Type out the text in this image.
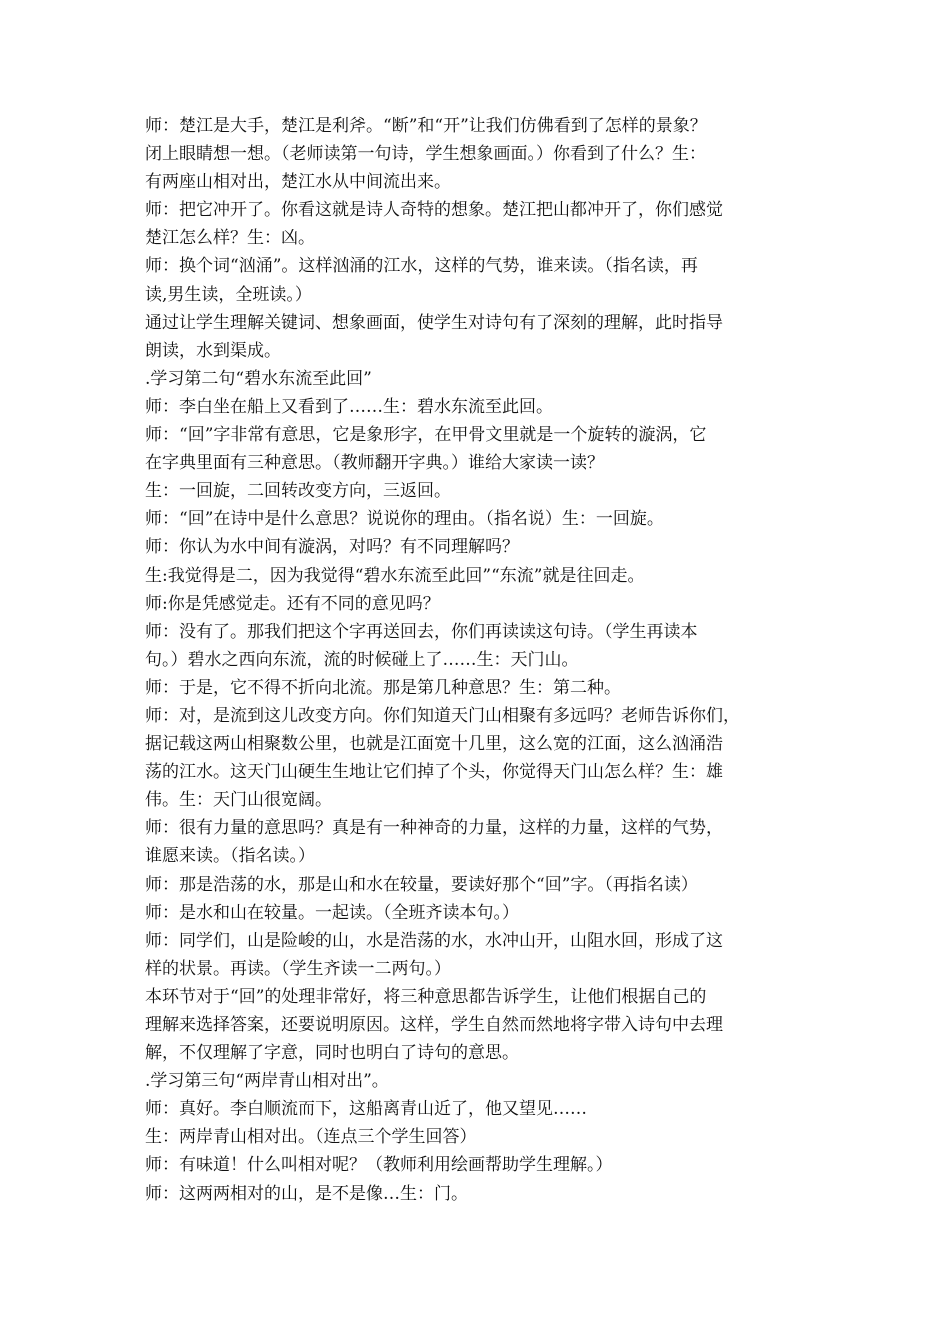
师：楚江是大手，楚江是利斧。“断”和“开”让我们仿佛看到了怎样的景象？
闭上眼睛想一想。（老师读第一句诗，学生想象画面。）你看到了什么？生：
有两座山相对出，楚江水从中间流出来。
师：把它冲开了。你看这就是诗人奇特的想象。楚江把山都冲开了，你们感觉
楚江怎么样？生：凶。
师：换个词“汹涌”。这样汹涌的江水，这样的气势，谁来读。（指名读，再
读,男生读，全班读。）
通过让学生理解关键词、想象画面，使学生对诗句有了深刻的理解，此时指导
朗读，水到渠成。
.学习第二句“碧水东流至此回”
师：李白坐在船上又看到了……生：碧水东流至此回。
师：“回”字非常有意思，它是象形字，在甲骨文里就是一个旋转的漩涡，它
在字典里面有三种意思。（教师翻开字典。）谁给大家读一读？
生：一回旋，二回转改变方向，三返回。
师：“回”在诗中是什么意思？说说你的理由。（指名说）生：一回旋。
师：你认为水中间有漩涡，对吗？有不同理解吗？
生:我觉得是二，因为我觉得“碧水东流至此回”“东流”就是往回走。
师:你是凭感觉走。还有不同的意见吗？
师：没有了。那我们把这个字再送回去，你们再读读这句诗。（学生再读本
句。）碧水之西向东流，流的时候碰上了……生：天门山。
师：于是，它不得不折向北流。那是第几种意思？生：第二种。
师：对，是流到这儿改变方向。你们知道天门山相聚有多远吗？老师告诉你们，
据记载这两山相聚数公里，也就是江面宽十几里，这么宽的江面，这么汹涌浩
荡的江水。这天门山硬生生地让它们掉了个头，你觉得天门山怎么样？生：雄
伟。生：天门山很宽阔。
师：很有力量的意思吗？真是有一种神奇的力量，这样的力量，这样的气势，
谁愿来读。（指名读。）
师：那是浩荡的水，那是山和水在较量，要读好那个“回”字。（再指名读）
师：是水和山在较量。一起读。（全班齐读本句。）
师：同学们，山是险峻的山，水是浩荡的水，水冲山开，山阻水回，形成了这
样的状景。再读。（学生齐读一二两句。）
本环节对于“回”的处理非常好，将三种意思都告诉学生，让他们根据自己的
理解来选择答案，还要说明原因。这样，学生自然而然地将字带入诗句中去理
解，不仅理解了字意，同时也明白了诗句的意思。
.学习第三句“两岸青山相对出”。
师：真好。李白顺流而下，这船离青山近了，他又望见……
生：两岸青山相对出。（连点三个学生回答）
师：有味道！什么叫相对呢？（教师利用绘画帮助学生理解。）
师：这两两相对的山，是不是像…生：门。
